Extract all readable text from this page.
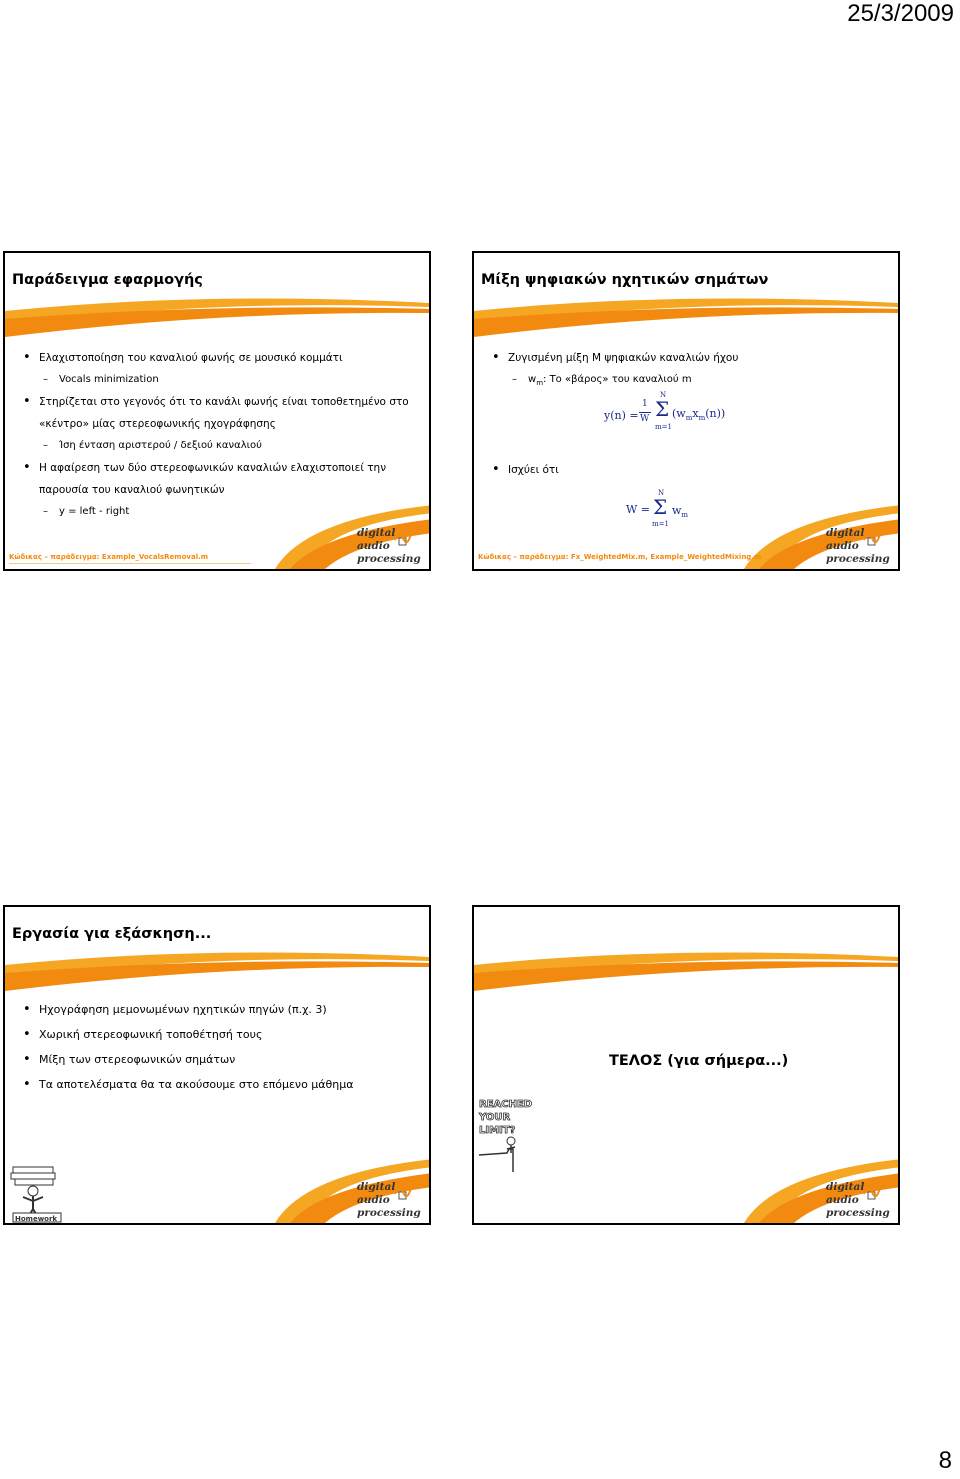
25/3/2009
Παράδειγμα εφαρμογής
• Ελαχιστοποίηση του καναλιού φωνής σε μουσικό κομμάτι
– Vocals minimization
• Στηρίζεται στο γεγονός ότι το κανάλι φωνής είναι τοποθετημένο στο «κέντρο» μίας στερεοφωνικής ηχογράφησης
– Ίση ένταση αριστερού / δεξιού καναλιού
• Η αφαίρεση των δύο στερεοφωνικών καναλιών ελαχιστοποιεί την παρουσία του καναλιού φωνητικών
– y = left - right
Κώδικας – παράδειγμα: Example_VocalsRemoval.m
digital
audio
processing
Μίξη ψηφιακών ηχητικών σημάτων
• Ζυγισμένη μίξη Μ ψηφιακών καναλιών ήχου
– $w_m$: Το «βάρος» του καναλιού m
y(n) =
1
W
N
Σ
m=1
$(w_mx_m(n))$
• Ισχύει ότι
W =
N
Σ
m=1
$w_m$
Κώδικας – παράδειγμα: Fx_WeightedMix.m, Example_WeightedMixing.m
digital
audio
processing
Εργασία για εξάσκηση...
• Ηχογράφηση μεμονωμένων ηχητικών πηγών (π.χ. 3)
• Χωρική στερεοφωνική τοποθέτησή τους
• Μίξη των στερεοφωνικών σημάτων
• Τα αποτελέσματα θα τα ακούσουμε στο επόμενο μάθημα
Homework
digital
audio
processing
ΤΕΛΟΣ (για σήμερα...)
REACHED
YOUR
LIMIT?
digital
audio
processing
8
